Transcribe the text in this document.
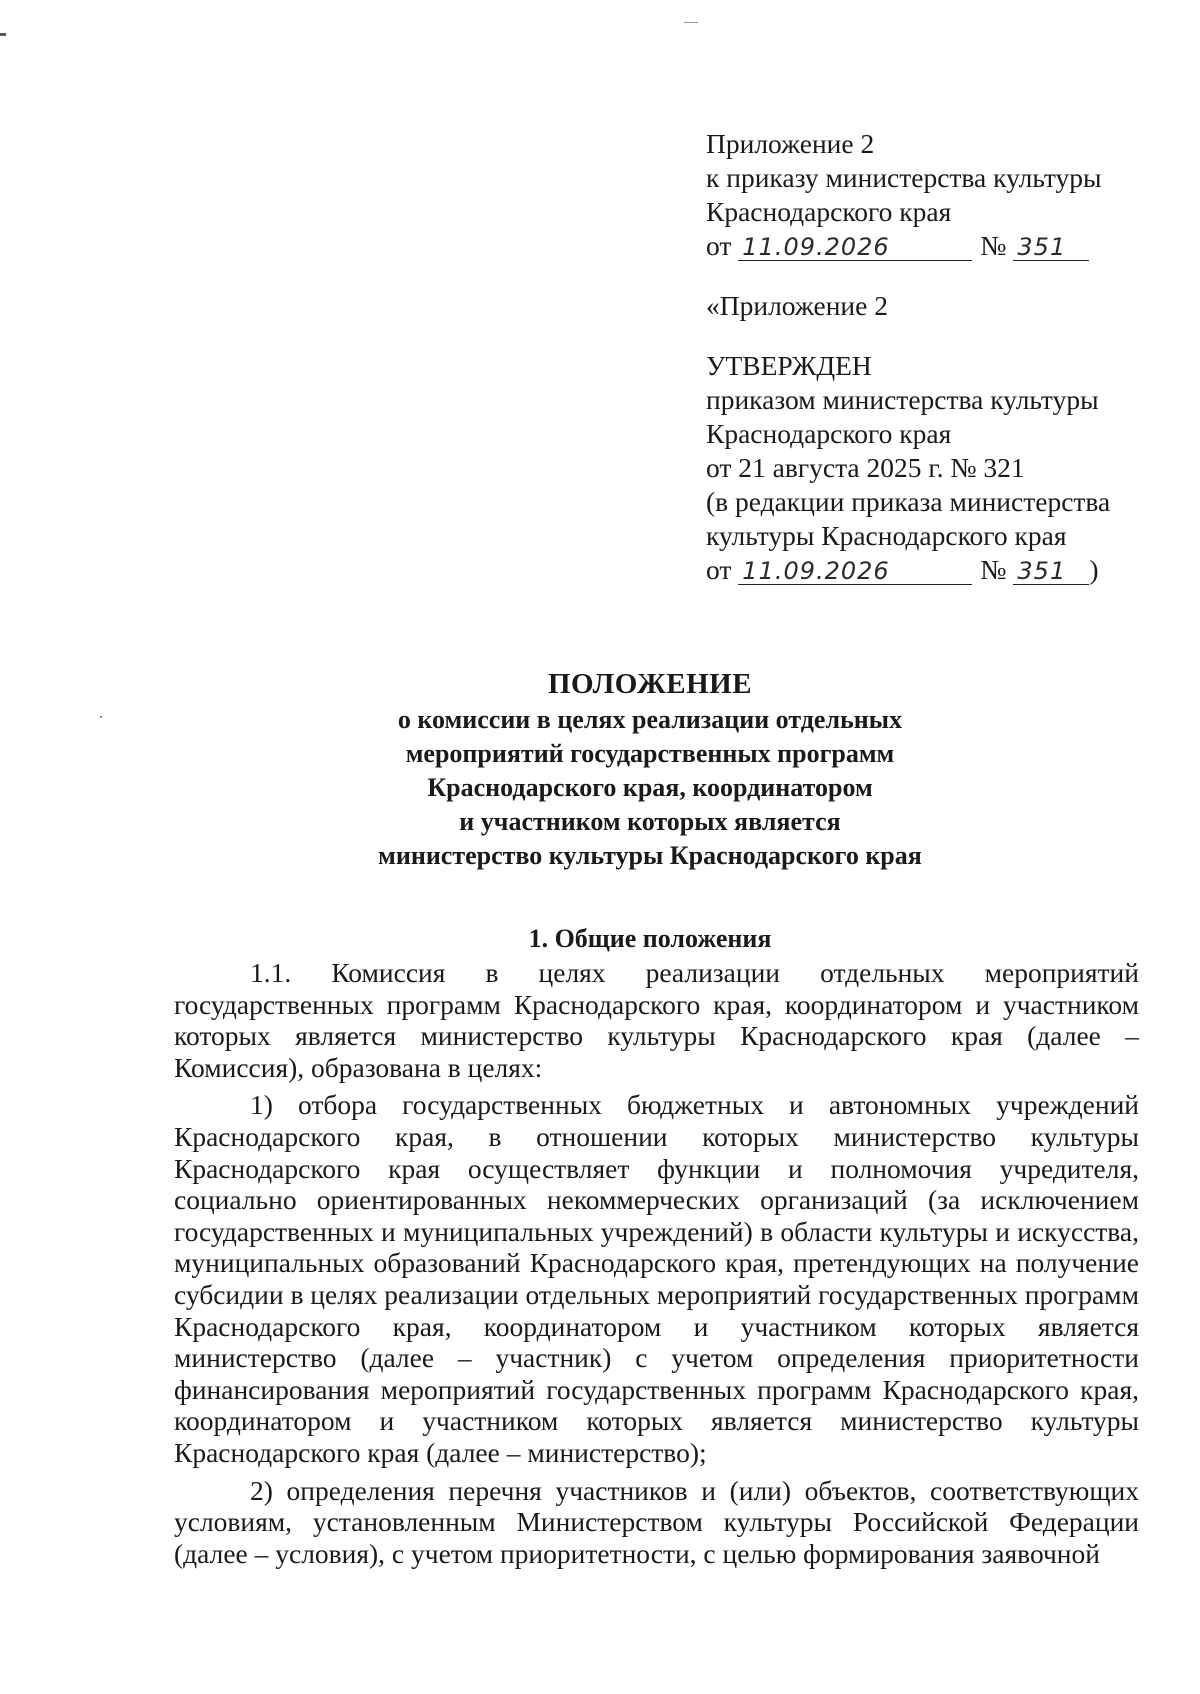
Приложение 2
к приказу министерства культуры
Краснодарского края
от 11.09.2026	№ 351
«Приложение 2
УТВЕРЖДЕН
приказом министерства культуры
Краснодарского края
от 21 августа 2025 г. № 321
(в редакции приказа министерства
культуры Краснодарского края
от 11.09.2026	№ 351 )
ПОЛОЖЕНИЕ
о комиссии в целях реализации отдельных
мероприятий государственных программ
Краснодарского края, координатором
и участником которых является
министерство культуры Краснодарского края
1. Общие положения

1.1. Комиссия в целях реализации отдельных мероприятий государственных программ Краснодарского края, координатором и участником которых является министерство культуры Краснодарского края (далее – Комиссия), образована в целях:

1) отбора государственных бюджетных и автономных учреждений Краснодарского края, в отношении которых министерство культуры Краснодарского края осуществляет функции и полномочия учредителя, социально ориентированных некоммерческих организаций (за исключением государственных и муниципальных учреждений) в области культуры и искусства, муниципальных образований Краснодарского края, претендующих на получение субсидии в целях реализации отдельных мероприятий государственных программ Краснодарского края, координатором и участником которых является министерство (далее – участник) с учетом определения приоритетности финансирования мероприятий государственных программ Краснодарского края, координатором и участником которых является министерство культуры Краснодарского края (далее – министерство);

2) определения перечня участников и (или) объектов, соответствующих условиям, установленным Министерством культуры Российской Федерации (далее – условия), с учетом приоритетности, с целью формирования заявочной
